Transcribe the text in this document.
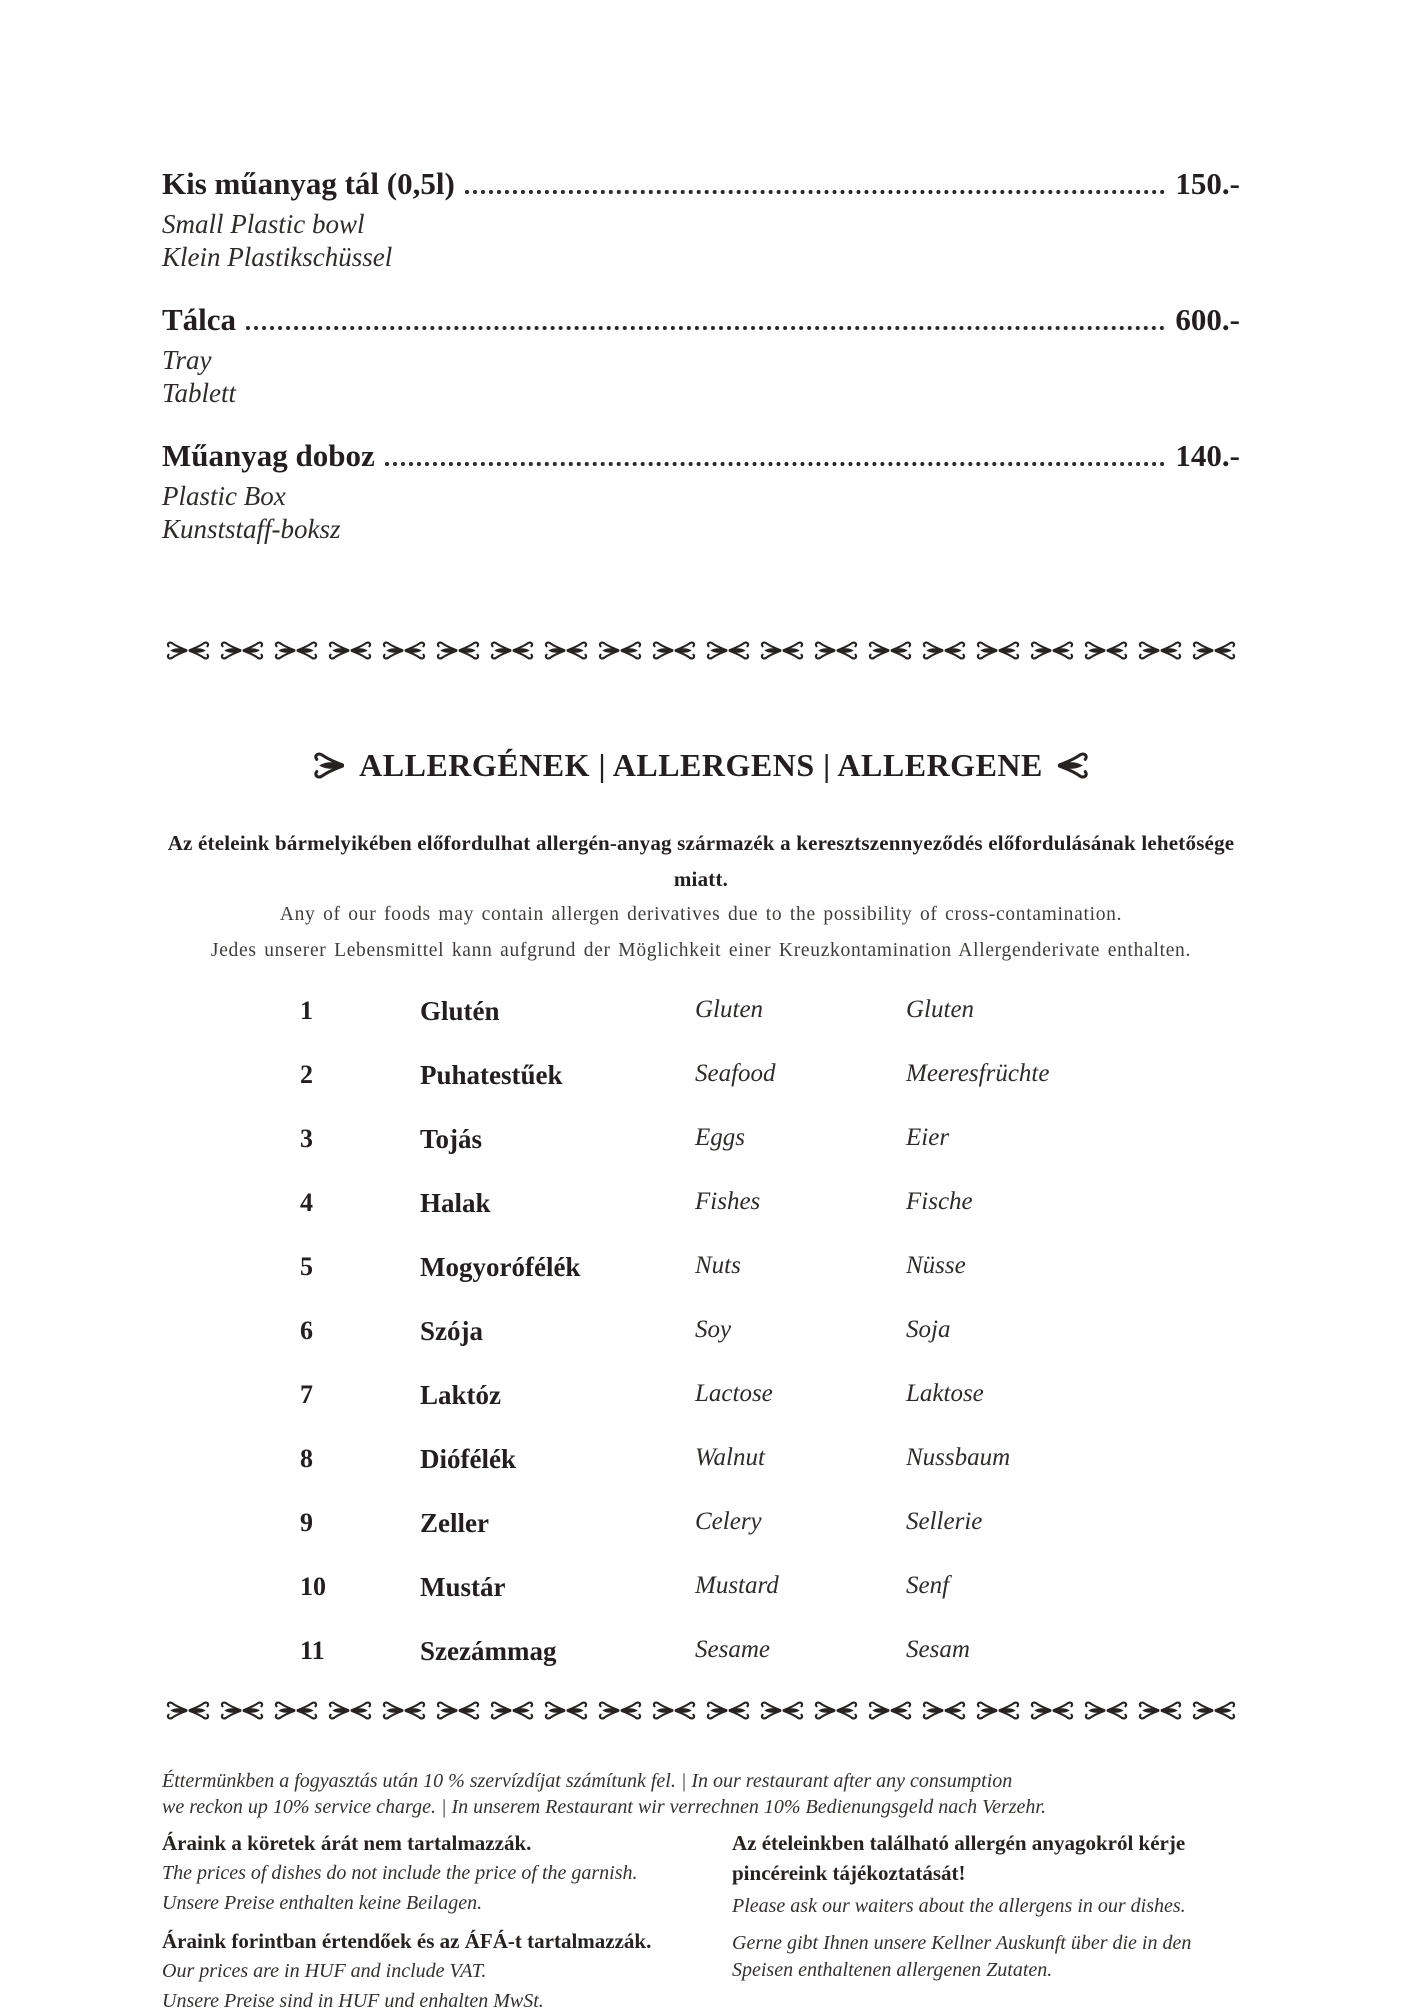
Kis műanyag tál (0,5l)	150.-
Small Plastic bowl
Klein Plastikschüssel
Tálca	600.-
Tray
Tablett
Műanyag doboz	140.-
Plastic Box
Kunststaff-boksz
ALLERGÉNEK | ALLERGENS | ALLERGENE
Az ételeink bármelyikében előfordulhat allergén-anyag származék a keresztszennyeződés előfordulásának lehetősége miatt.
Any of our foods may contain allergen derivatives due to the possibility of cross-contamination.
Jedes unserer Lebensmittel kann aufgrund der Möglichkeit einer Kreuzkontamination Allergenderivate enthalten.
1	Glutén	Gluten	Gluten
2	Puhatestűek	Seafood	Meeresfrüchte
3	Tojás	Eggs	Eier
4	Halak	Fishes	Fische
5	Mogyorófélék	Nuts	Nüsse
6	Szója	Soy	Soja
7	Laktóz	Lactose	Laktose
8	Diófélék	Walnut	Nussbaum
9	Zeller	Celery	Sellerie
10	Mustár	Mustard	Senf
11	Szezámmag	Sesame	Sesam
Éttermünkben a fogyasztás után 10 % szervízdíjat számítunk fel. | In our restaurant after any consumption
we reckon up 10% service charge. | In unserem Restaurant wir verrechnen 10% Bedienungsgeld nach Verzehr.
Áraink a köretek árát nem tartalmazzák.
The prices of dishes do not include the price of the garnish.
Unsere Preise enthalten keine Beilagen.
Áraink forintban értendőek és az ÁFÁ-t tartalmazzák.
Our prices are in HUF and include VAT.
Unsere Preise sind in HUF und enhalten MwSt.
Az ételeinkben található allergén anyagokról kérje pincéreink tájékoztatását!
Please ask our waiters about the allergens in our dishes.
Gerne gibt Ihnen unsere Kellner Auskunft über die in den Speisen enthaltenen allergenen Zutaten.
